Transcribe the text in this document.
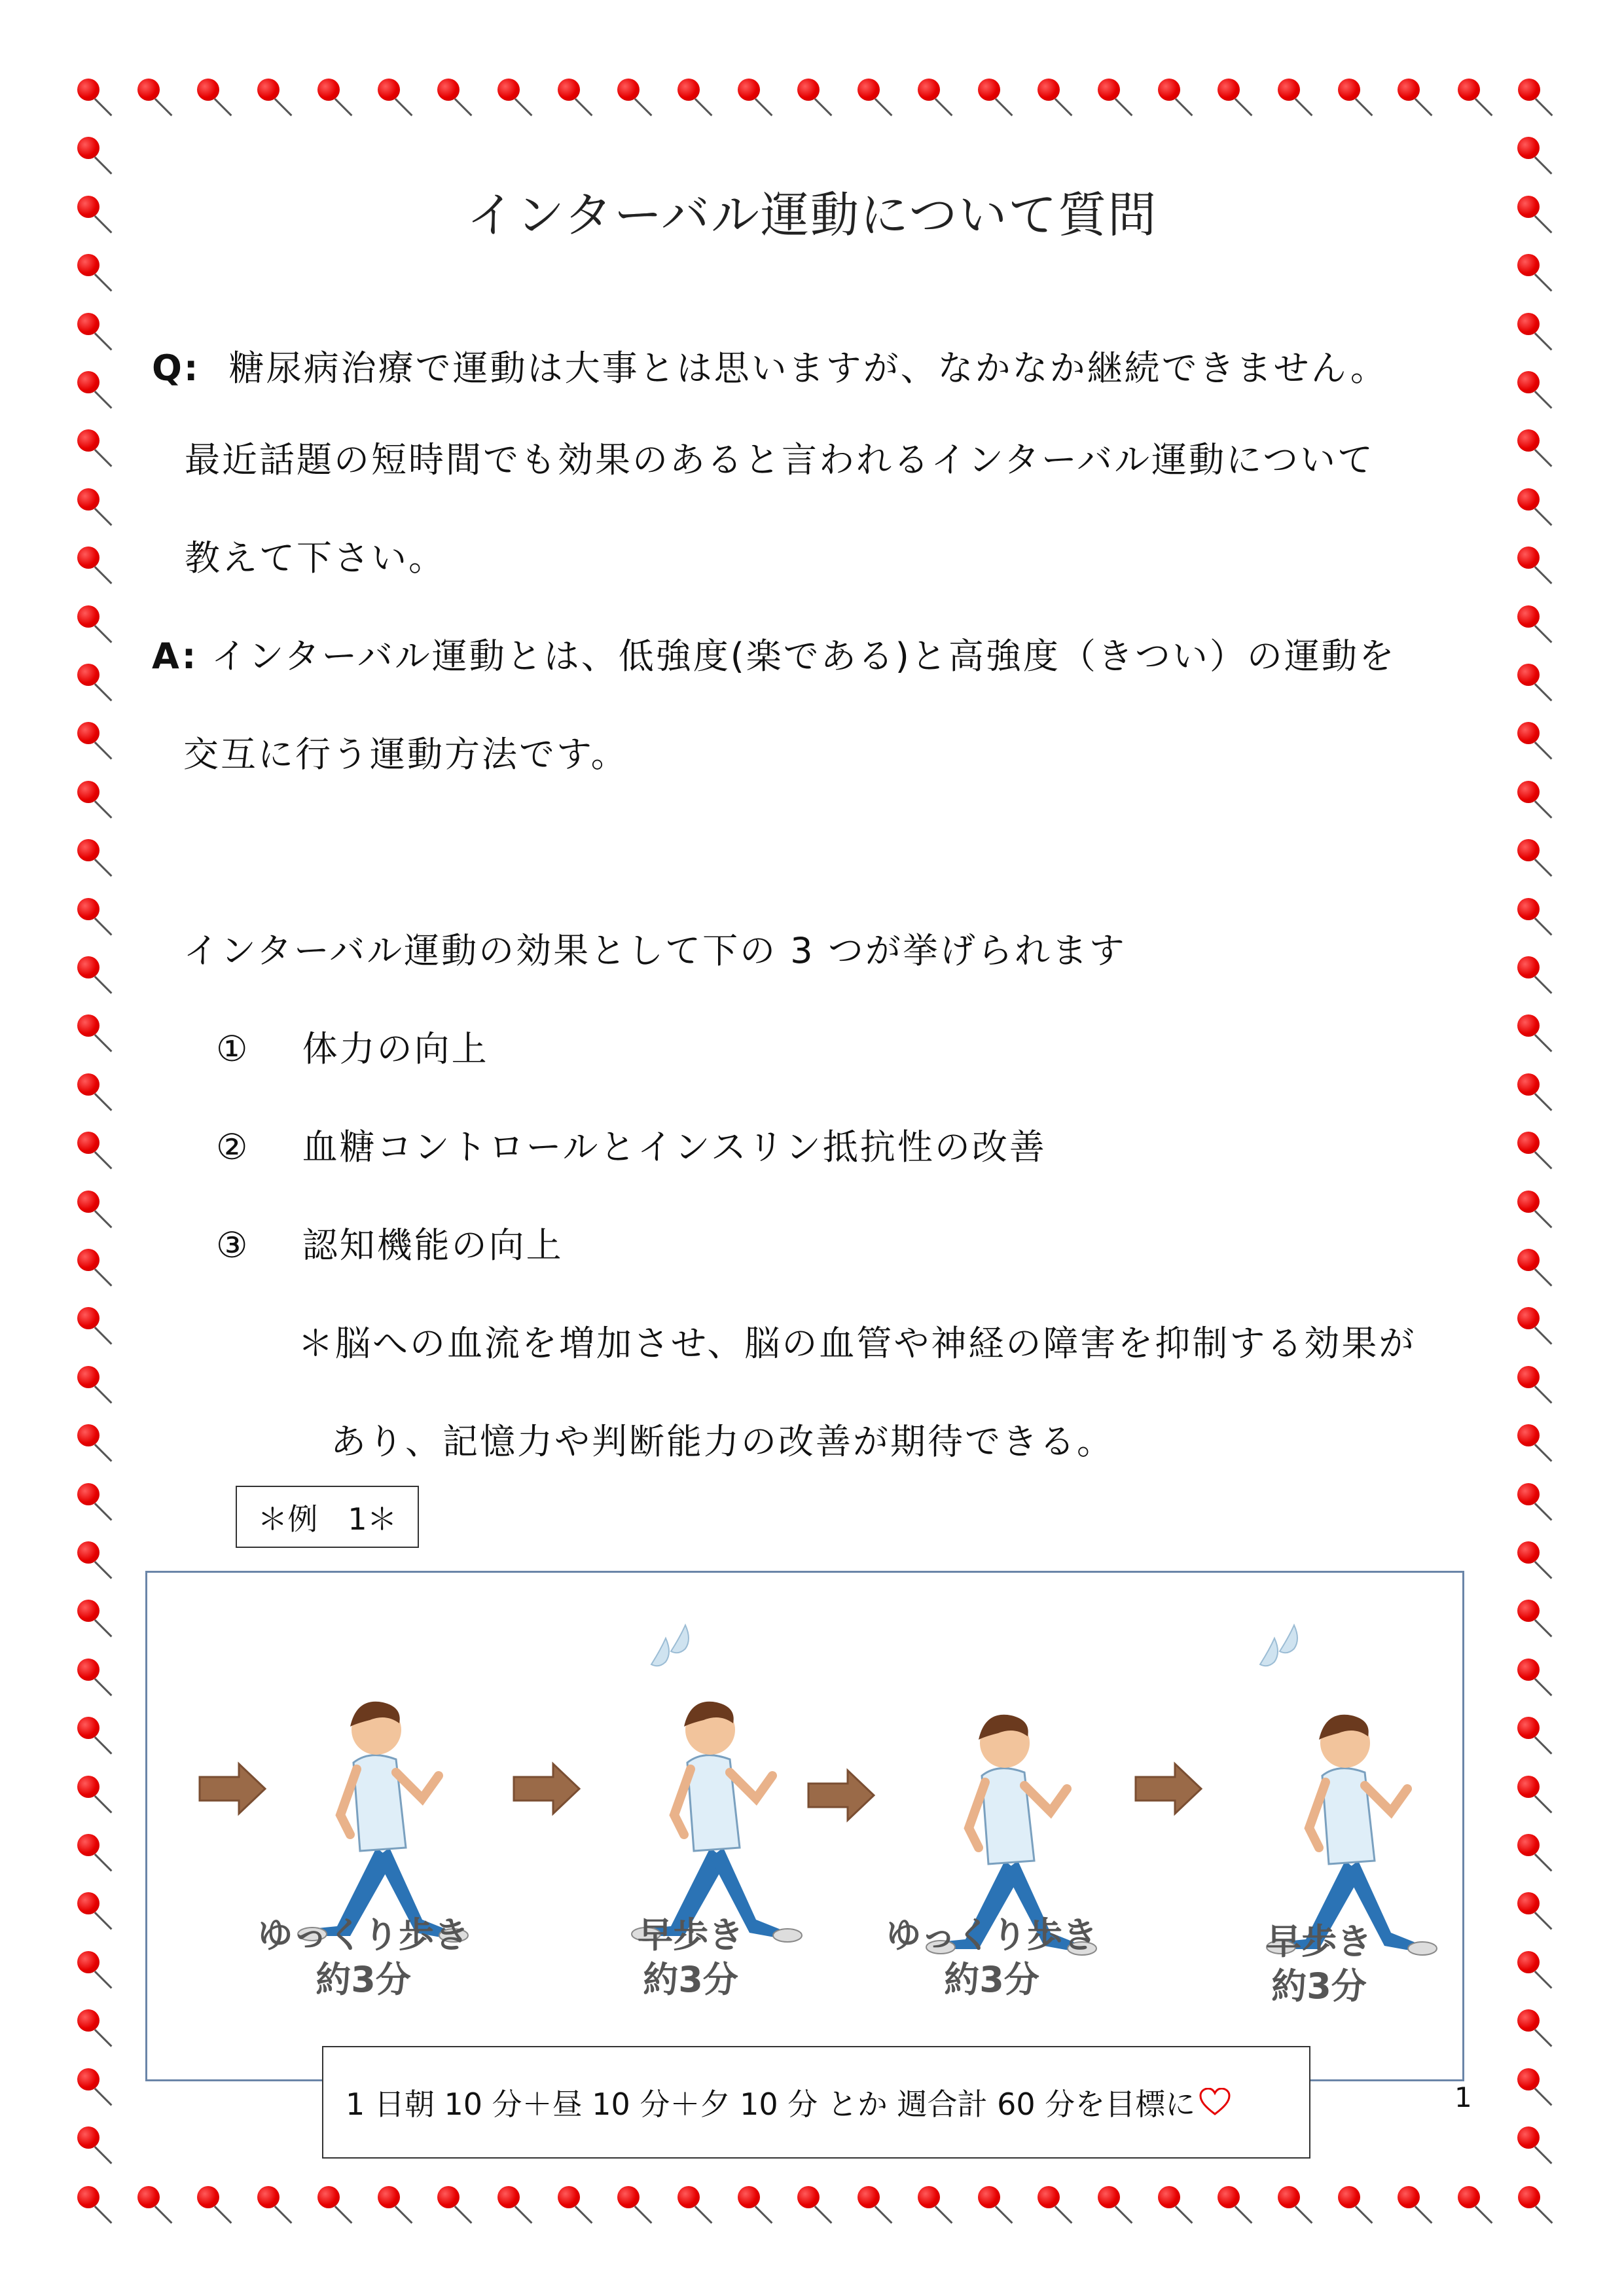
インターバル運動について質問
Q: 糖尿病治療で運動は大事とは思いますが、なかなか継続できません。
最近話題の短時間でも効果のあると言われるインターバル運動について
教えて下さい。
A: インターバル運動とは、低強度(楽である)と高強度（きつい）の運動を
交互に行う運動方法です。
インターバル運動の効果として下の 3 つが挙げられます
① 体力の向上
② 血糖コントロールとインスリン抵抗性の改善
③ 認知機能の向上
＊脳への血流を増加させ、脳の血管や神経の障害を抑制する効果が
あり、記憶力や判断能力の改善が期待できる。
＊例　1＊
ゆっくり歩き
約3分
早歩き
約3分
ゆっくり歩き
約3分
早歩き
約3分
1 日朝 10 分＋昼 10 分＋夕 10 分 とか 週合計 60 分を目標に	1
